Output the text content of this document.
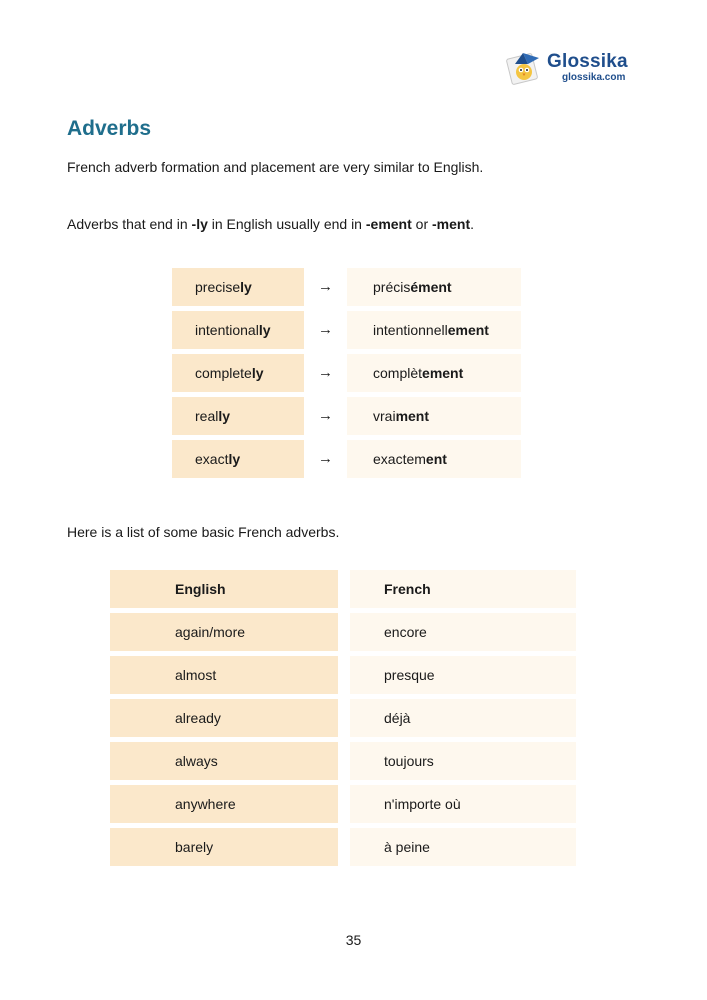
Glossika
glossika.com
Adverbs

French adverb formation and placement are very similar to English.

Adverbs that end in -ly in English usually end in -ement or -ment.

precisely	→	précisément
intentionally	→	intentionnellement
completely	→	complètement
really	→	vraiment
exactly	→	exactement

Here is a list of some basic French adverbs.

English	French
again/more	encore
almost	presque
already	déjà
always	toujours
anywhere	n'importe où
barely	à peine
35
